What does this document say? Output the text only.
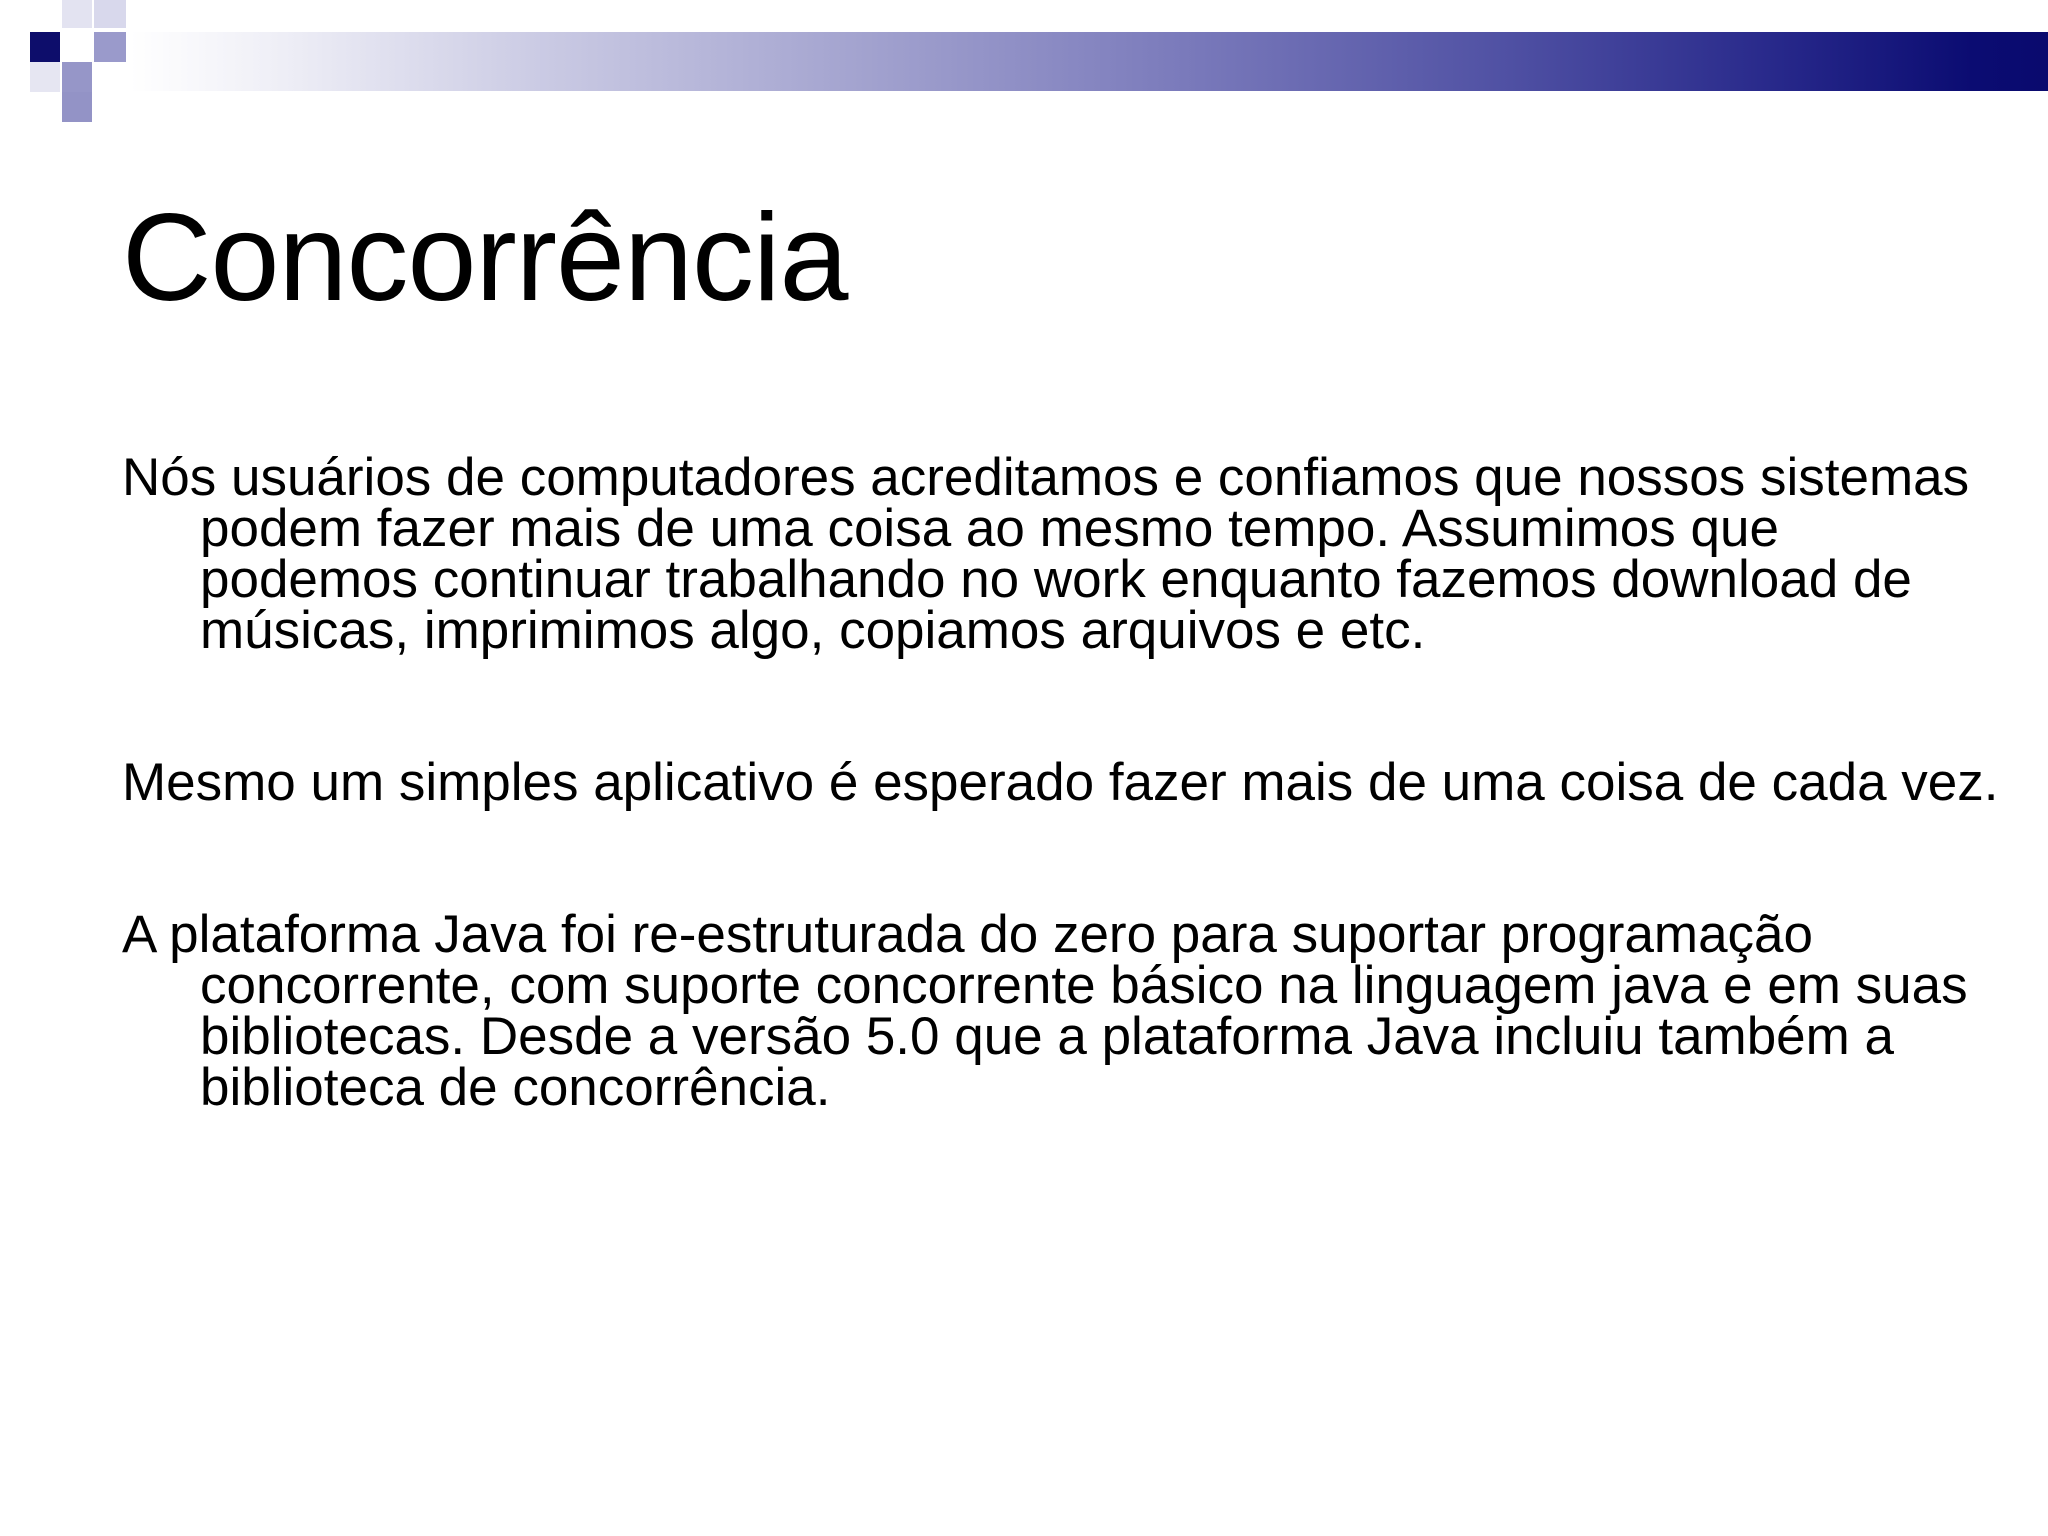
Concorrência

Nós usuários de computadores acreditamos e confiamos que nossos sistemas podem fazer mais de uma coisa ao mesmo tempo. Assumimos que podemos continuar trabalhando no work enquanto fazemos download de músicas, imprimimos algo, copiamos arquivos e etc.

Mesmo um simples aplicativo é esperado fazer mais de uma coisa de cada vez.

A plataforma Java foi re-estruturada do zero para suportar programação concorrente, com suporte concorrente básico na linguagem java e em suas bibliotecas. Desde a versão 5.0 que a plataforma Java incluiu também a biblioteca de concorrência.
